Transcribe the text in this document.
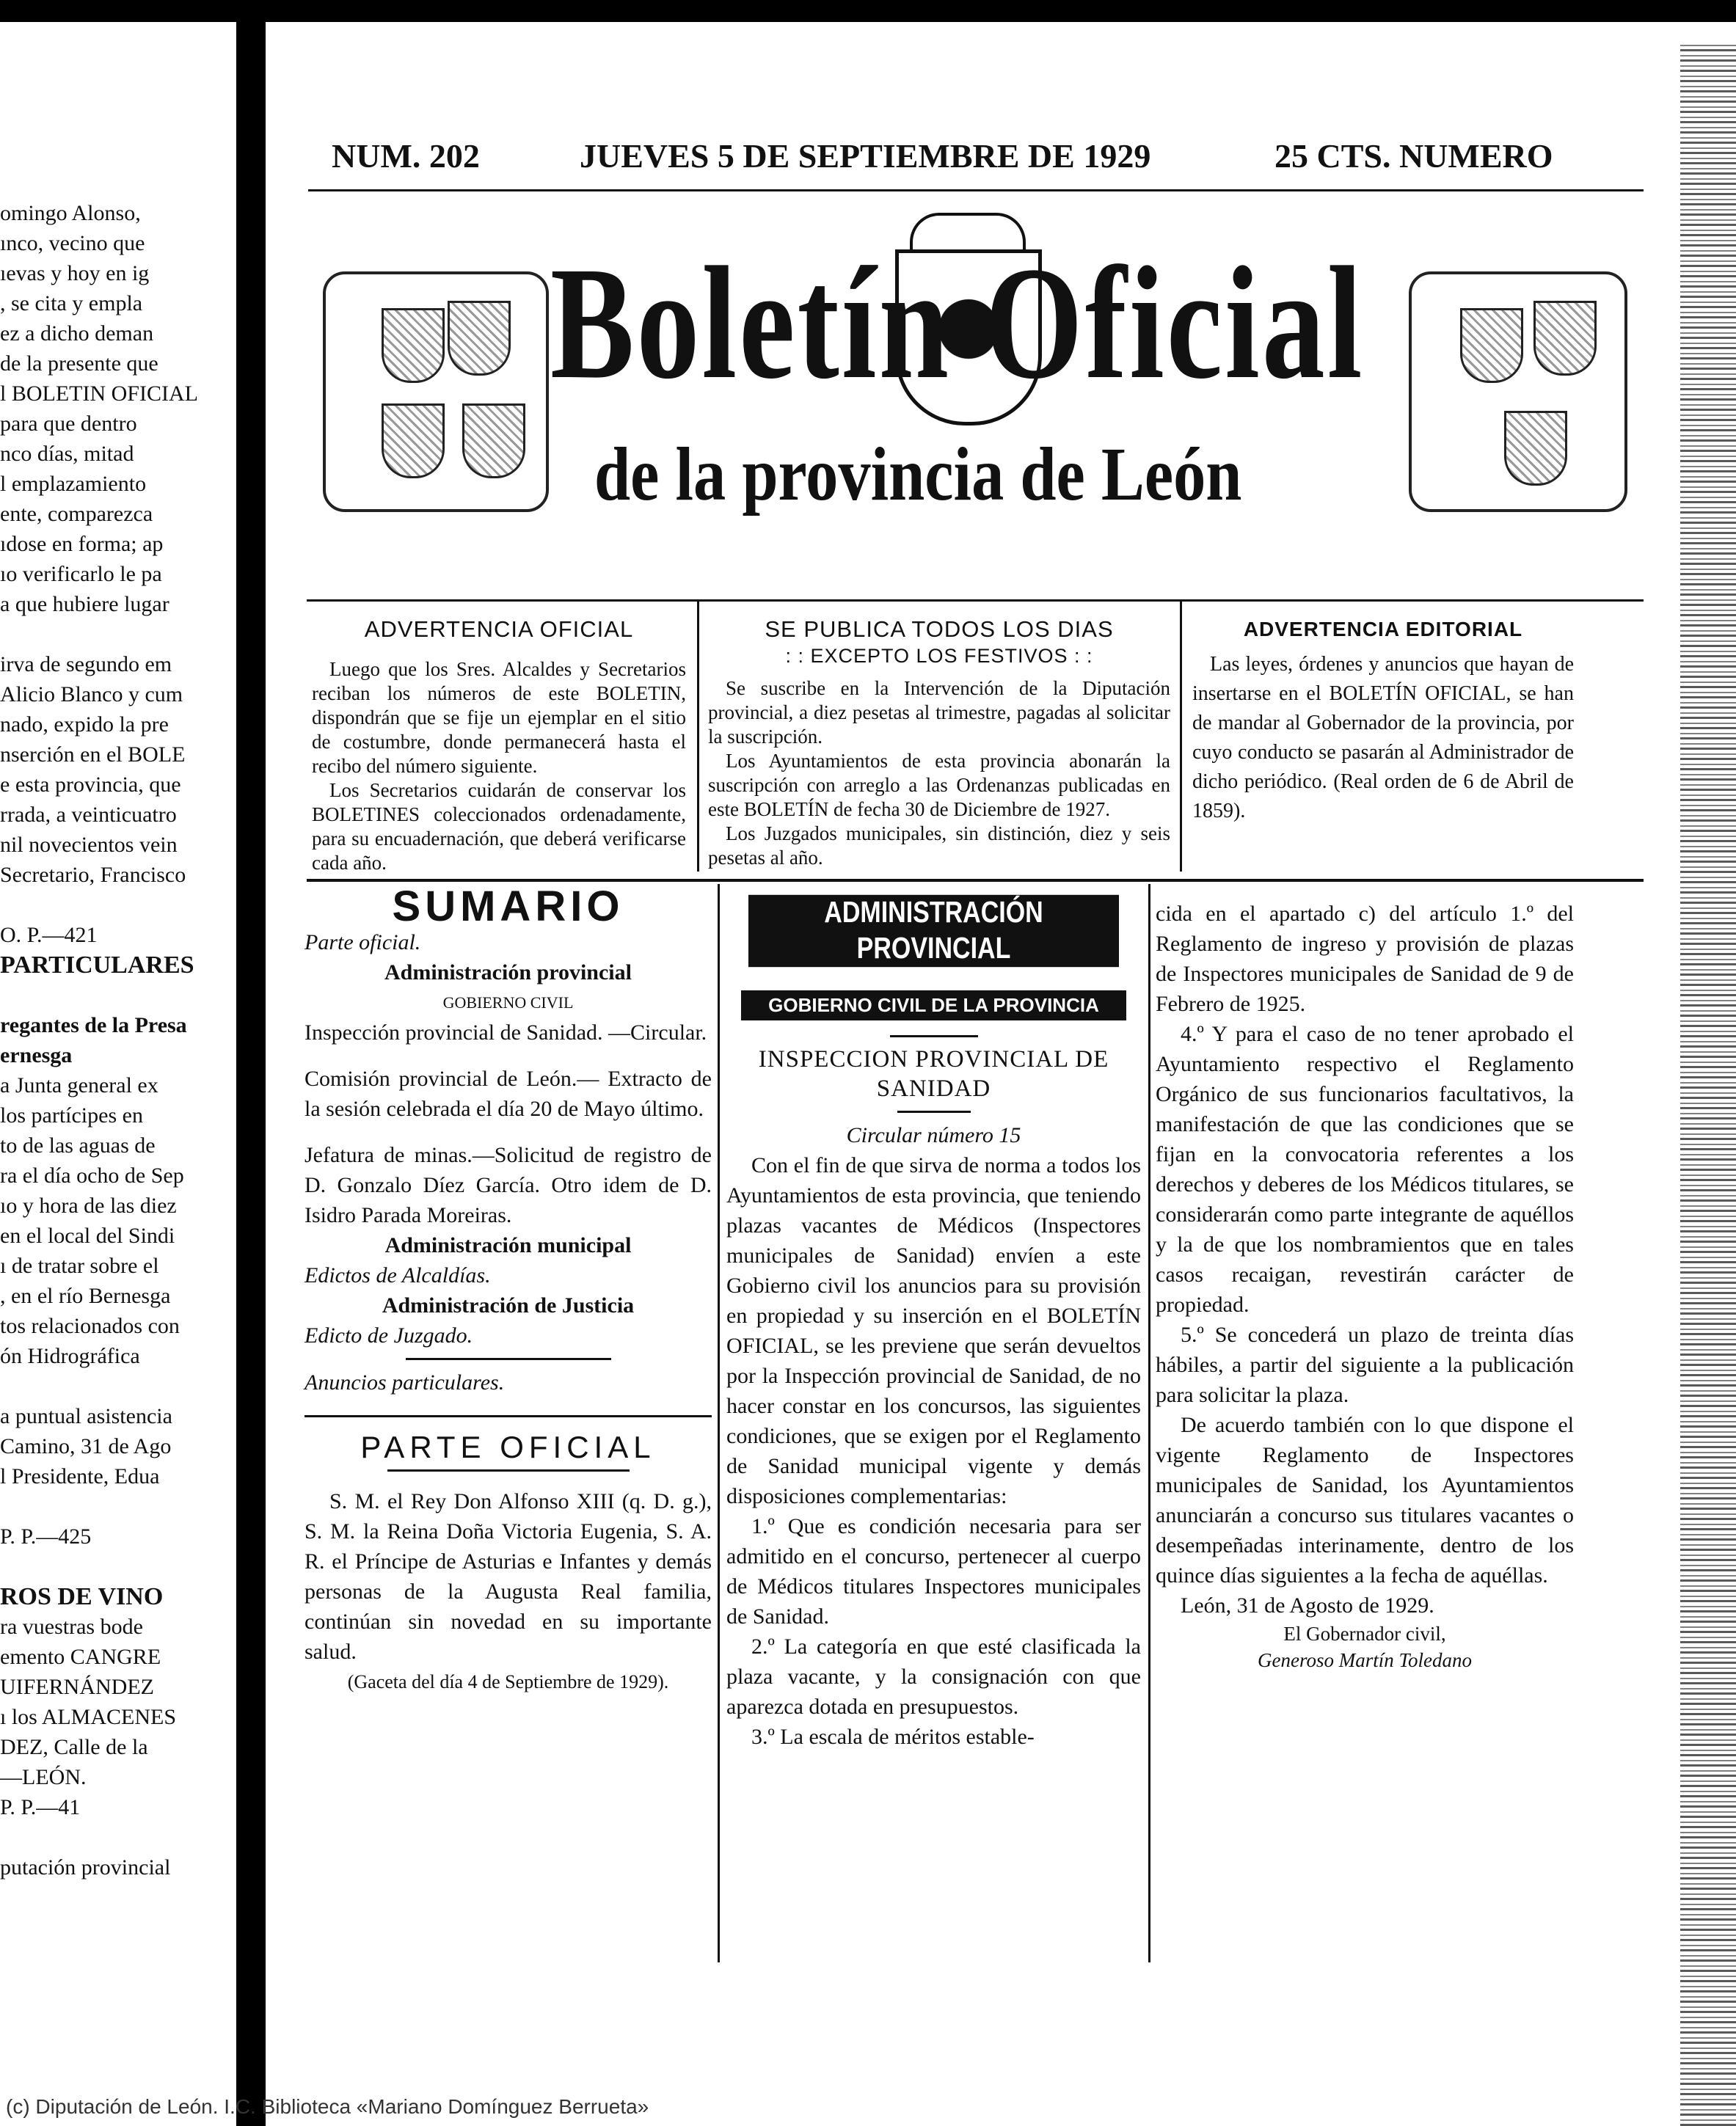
omingo Alonso,
ınco, vecino que
ıevas y hoy en ig
, se cita y empla
ez a dicho deman
de la presente que
l BOLETIN OFICIAL
para que dentro
nco días, mitad
l emplazamiento
ente, comparezca
ıdose en forma; ap
ıo verificarlo le pa
a que hubiere lugar
irva de segundo em
Alicio Blanco y cum
nado, expido la pre
nserción en el BOLE
e esta provincia, que
rrada, a veinticuatro
nil novecientos vein
Secretario, Francisco
O. P.—421
PARTICULARES
regantes de la Presa
ernesga
a Junta general ex
los partícipes en
to de las aguas de
ra el día ocho de Sep
ıo y hora de las diez
en el local del Sindi
ı de tratar sobre el
, en el río Bernesga
tos relacionados con
ón Hidrográfica
a puntual asistencia
Camino, 31 de Ago
l Presidente, Edua
P. P.—425
ROS DE VINO
ra vuestras bode
emento CANGRE
UIFERNÁNDEZ
ı los ALMACENES
DEZ, Calle de la
—LEÓN.
P. P.—41
putación provincial
NUM. 202	JUEVES 5 DE SEPTIEMBRE DE 1929	25 CTS. NUMERO
Boletín Oficial
de la provincia de León
ADVERTENCIA OFICIAL

Luego que los Sres. Alcaldes y Secretarios reciban los números de este BOLETIN, dispondrán que se fije un ejemplar en el sitio de costumbre, donde permanecerá hasta el recibo del número siguiente.

Los Secretarios cuidarán de conservar los BOLETINES coleccionados ordenadamente, para su encuadernación, que deberá verificarse cada año.

SE PUBLICA TODOS LOS DIAS
: : EXCEPTO LOS FESTIVOS : :

Se suscribe en la Intervención de la Diputación provincial, a diez pesetas al trimestre, pagadas al solicitar la suscripción.

Los Ayuntamientos de esta provincia abonarán la suscripción con arreglo a las Ordenanzas publicadas en este BOLETÍN de fecha 30 de Diciembre de 1927.

Los Juzgados municipales, sin distinción, diez y seis pesetas al año.

ADVERTENCIA EDITORIAL

Las leyes, órdenes y anuncios que hayan de insertarse en el BOLETÍN OFICIAL, se han de mandar al Gobernador de la provincia, por cuyo conducto se pasarán al Administrador de dicho periódico. (Real orden de 6 de Abril de 1859).

SUMARIO
Parte oficial.
Administración provincial
GOBIERNO CIVIL
Inspección provincial de Sanidad. —Circular.
Comisión provincial de León.— Extracto de la sesión celebrada el día 20 de Mayo último.
Jefatura de minas.—Solicitud de registro de D. Gonzalo Díez García. Otro idem de D. Isidro Parada Moreiras.
Administración municipal
Edictos de Alcaldías.
Administración de Justicia
Edicto de Juzgado.
Anuncios particulares.
PARTE OFICIAL

S. M. el Rey Don Alfonso XIII (q. D. g.), S. M. la Reina Doña Victoria Eugenia, S. A. R. el Príncipe de Asturias e Infantes y demás personas de la Augusta Real familia, continúan sin novedad en su importante salud.

(Gaceta del día 4 de Septiembre de 1929).
ADMINISTRACIÓN PROVINCIAL
GOBIERNO CIVIL DE LA PROVINCIA
INSPECCION PROVINCIAL DE SANIDAD
Circular número 15

Con el fin de que sirva de norma a todos los Ayuntamientos de esta provincia, que teniendo plazas vacantes de Médicos (Inspectores municipales de Sanidad) envíen a este Gobierno civil los anuncios para su provisión en propiedad y su inserción en el BOLETÍN OFICIAL, se les previene que serán devueltos por la Inspección provincial de Sanidad, de no hacer constar en los concursos, las siguientes condiciones, que se exigen por el Reglamento de Sanidad municipal vigente y demás disposiciones complementarias:

1.º Que es condición necesaria para ser admitido en el concurso, pertenecer al cuerpo de Médicos titulares Inspectores municipales de Sanidad.

2.º La categoría en que esté clasificada la plaza vacante, y la consignación con que aparezca dotada en presupuestos.

3.º La escala de méritos estable-

cida en el apartado c) del artículo 1.º del Reglamento de ingreso y provisión de plazas de Inspectores municipales de Sanidad de 9 de Febrero de 1925.

4.º Y para el caso de no tener aprobado el Ayuntamiento respectivo el Reglamento Orgánico de sus funcionarios facultativos, la manifestación de que las condiciones que se fijan en la convocatoria referentes a los derechos y deberes de los Médicos titulares, se considerarán como parte integrante de aquéllos y la de que los nombramientos que en tales casos recaigan, revestirán carácter de propiedad.

5.º Se concederá un plazo de treinta días hábiles, a partir del siguiente a la publicación para solicitar la plaza.

De acuerdo también con lo que dispone el vigente Reglamento de Inspectores municipales de Sanidad, los Ayuntamientos anunciarán a concurso sus titulares vacantes o desempeñadas interinamente, dentro de los quince días siguientes a la fecha de aquéllas.

León, 31 de Agosto de 1929.

El Gobernador civil,
Generoso Martín Toledano
(c) Diputación de León. I.C. Biblioteca «Mariano Domínguez Berrueta»
